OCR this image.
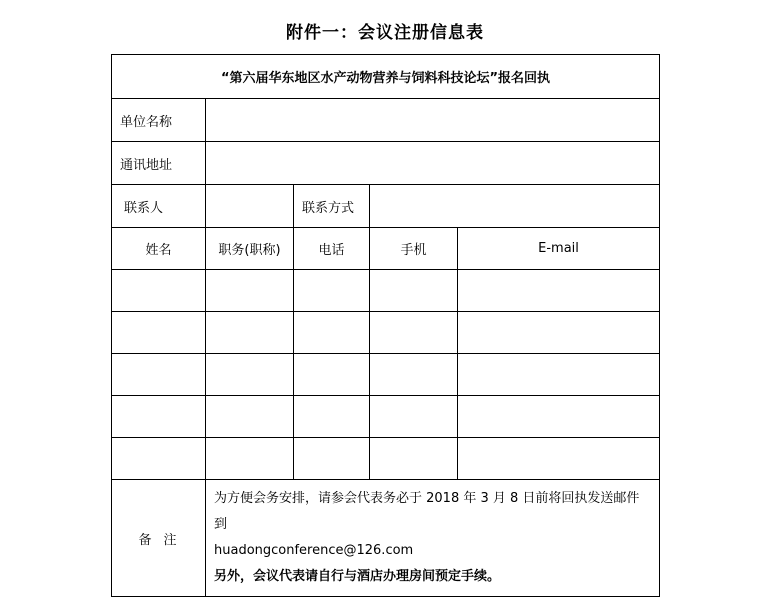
附件一：会议注册信息表
“第六届华东地区水产动物营养与饲料科技论坛”报名回执				
单位名称				
通讯地址				
联系人		联系方式		
姓名	职务(职称)	电话	手机	E-mail

备注	为方便会务安排，请参会代表务必于 2018 年 3 月 8 日前将回执发送邮件到
huadongconference@126.com
另外，会议代表请自行与酒店办理房间预定手续。			
